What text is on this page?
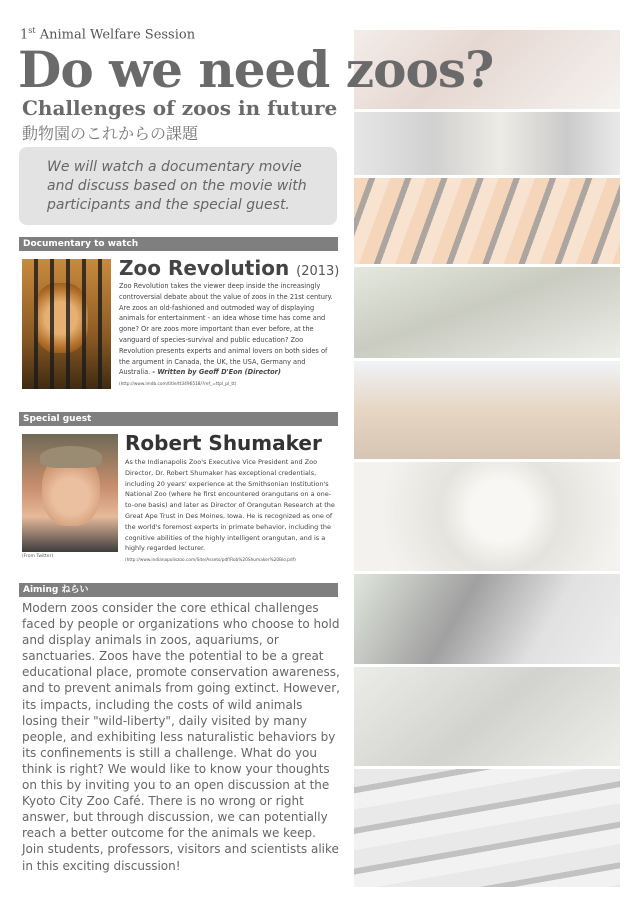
1st Animal Welfare Session
Do we need zoos?
Challenges of zoos in future
動物園のこれからの課題

We will watch a documentary movie and discuss based on the movie with participants and the special guest.

Documentary to watch
Zoo Revolution (2013)

Zoo Revolution takes the viewer deep inside the increasingly controversial debate about the value of zoos in the 21st century. Are zoos an old-fashioned and outmoded way of displaying animals for entertainment - an idea whose time has come and gone? Or are zoos more important than ever before, at the vanguard of species-survival and public education? Zoo Revolution presents experts and animal lovers on both sides of the argument in Canada, the UK, the USA, Germany and Australia. - Written by Geoff D'Eon (Director) (http://www.imdb.com/title/tt3496518/?ref_=ttpl_pl_tt)

Special guest
(From Twitter)
Robert Shumaker

As the Indianapolis Zoo's Executive Vice President and Zoo Director, Dr. Robert Shumaker has exceptional credentials, including 20 years' experience at the Smithsonian Institution's National Zoo (where he first encountered orangutans on a one-to-one basis) and later as Director of Orangutan Research at the Great Ape Trust in Des Moines, Iowa. He is recognized as one of the world's foremost experts in primate behavior, including the cognitive abilities of the highly intelligent orangutan, and is a highly regarded lecturer.
(http://www.indianapoliszoo.com/Site/Assets/pdf/Rob%20Shumaker%20Bio.pdf)

Aiming ねらい

Modern zoos consider the core ethical challenges faced by people or organizations who choose to hold and display animals in zoos, aquariums, or sanctuaries. Zoos have the potential to be a great educational place, promote conservation awareness, and to prevent animals from going extinct. However, its impacts, including the costs of wild animals losing their "wild-liberty", daily visited by many people, and exhibiting less naturalistic behaviors by its confinements is still a challenge. What do you think is right? We would like to know your thoughts on this by inviting you to an open discussion at the Kyoto City Zoo Café. There is no wrong or right answer, but through discussion, we can potentially reach a better outcome for the animals we keep. Join students, professors, visitors and scientists alike in this exciting discussion!
